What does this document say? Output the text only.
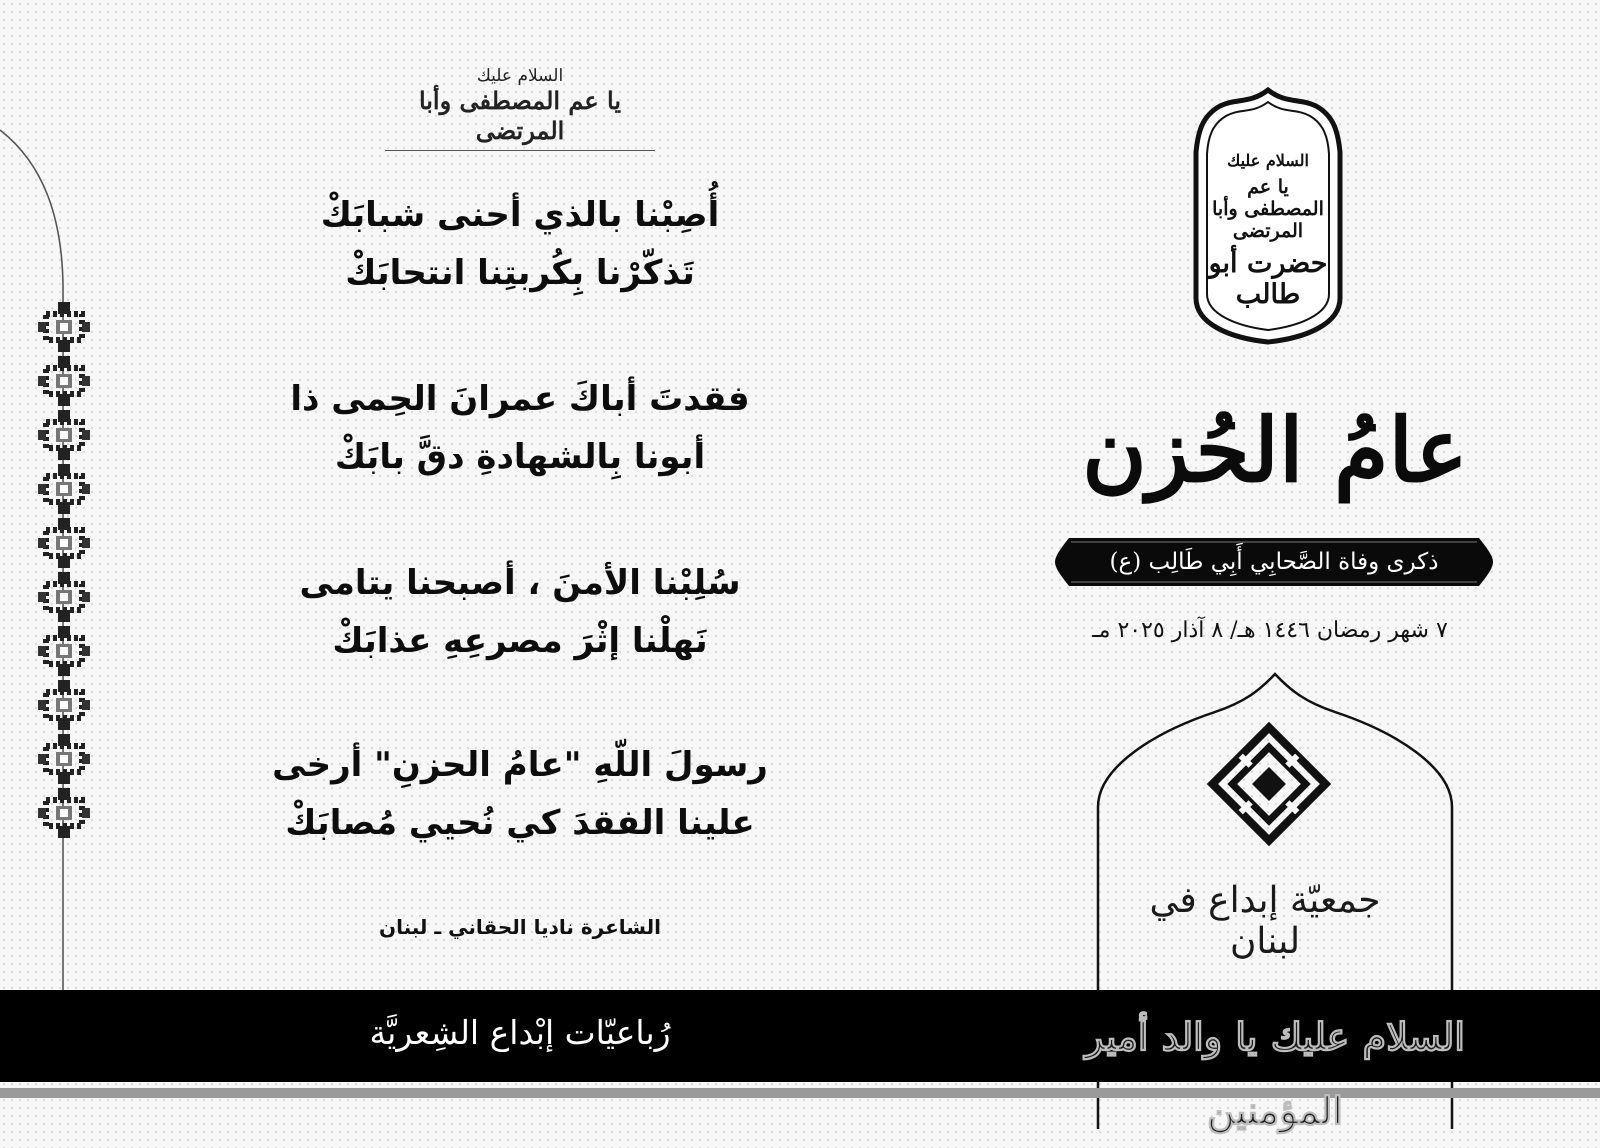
السلام عليك
يا عم المصطفى وأبا المرتضى
أُصِبْنا بالذي أحنى شبابَكْ
تَذكّرْنا بِكُربتِنا انتحابَكْ
فقدتَ أباكَ عمرانَ الحِمى ذا
أبونا بِالشهادةِ دقَّ بابَكْ
سُلِبْنا الأمنَ ، أصبحنا يتامى
نَهلْنا إثْرَ مصرعِهِ عذابَكْ
رسولَ اللّهِ "عامُ الحزنِ" أرخى
علينا الفقدَ كي نُحيي مُصابَكْ
الشاعرة ناديا الحقاني ـ لبنان
السلام عليك
يا عم المصطفى وأبا المرتضى
حضرت أبو طالب
عامُ الحُزن
ذكرى وفاة الصَّحابِي أَبِي طَالِب (ع)
٧ شهر رمضان ١٤٤٦ هـ/ ٨ آذار ٢٠٢٥ مـ
جمعيّة إبداع في لبنان
رُباعيّات إبْداع الشِعريَّة	السلام عليك يا والد أمير المؤمنين
